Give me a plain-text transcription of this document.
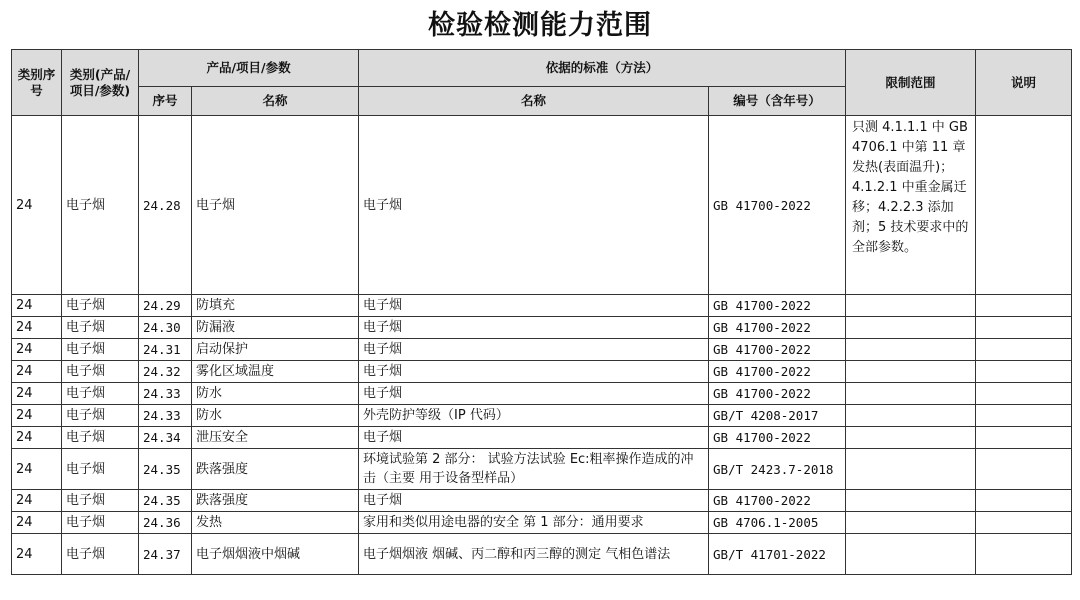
检验检测能力范围
类别序号	类别(产品/项目/参数)	产品/项目/参数		依据的标准（方法）		限制范围	说明
		序号	名称	名称	编号（含年号）		
24	电子烟	24.28	电子烟	电子烟	GB 41700-2022	只测 4.1.1.1 中 GB 4706.1 中第 11 章 发热(表面温升)；4.1.2.1 中重金属迁移；4.2.2.3 添加剂；5 技术要求中的全部参数。	
24	电子烟	24.29	防填充	电子烟	GB 41700-2022		
24	电子烟	24.30	防漏液	电子烟	GB 41700-2022		
24	电子烟	24.31	启动保护	电子烟	GB 41700-2022		
24	电子烟	24.32	雾化区域温度	电子烟	GB 41700-2022		
24	电子烟	24.33	防水	电子烟	GB 41700-2022		
24	电子烟	24.33	防水	外壳防护等级（IP 代码）	GB/T 4208-2017		
24	电子烟	24.34	泄压安全	电子烟	GB 41700-2022		
24	电子烟	24.35	跌落强度	环境试验第 2 部分： 试验方法试验 Ec:粗率操作造成的冲击（主要 用于设备型样品）	GB/T 2423.7-2018		
24	电子烟	24.35	跌落强度	电子烟	GB 41700-2022		
24	电子烟	24.36	发热	家用和类似用途电器的安全 第 1 部分：通用要求	GB 4706.1-2005		
24	电子烟	24.37	电子烟烟液中烟碱	电子烟烟液 烟碱、丙二醇和丙三醇的测定 气相色谱法	GB/T 41701-2022		
